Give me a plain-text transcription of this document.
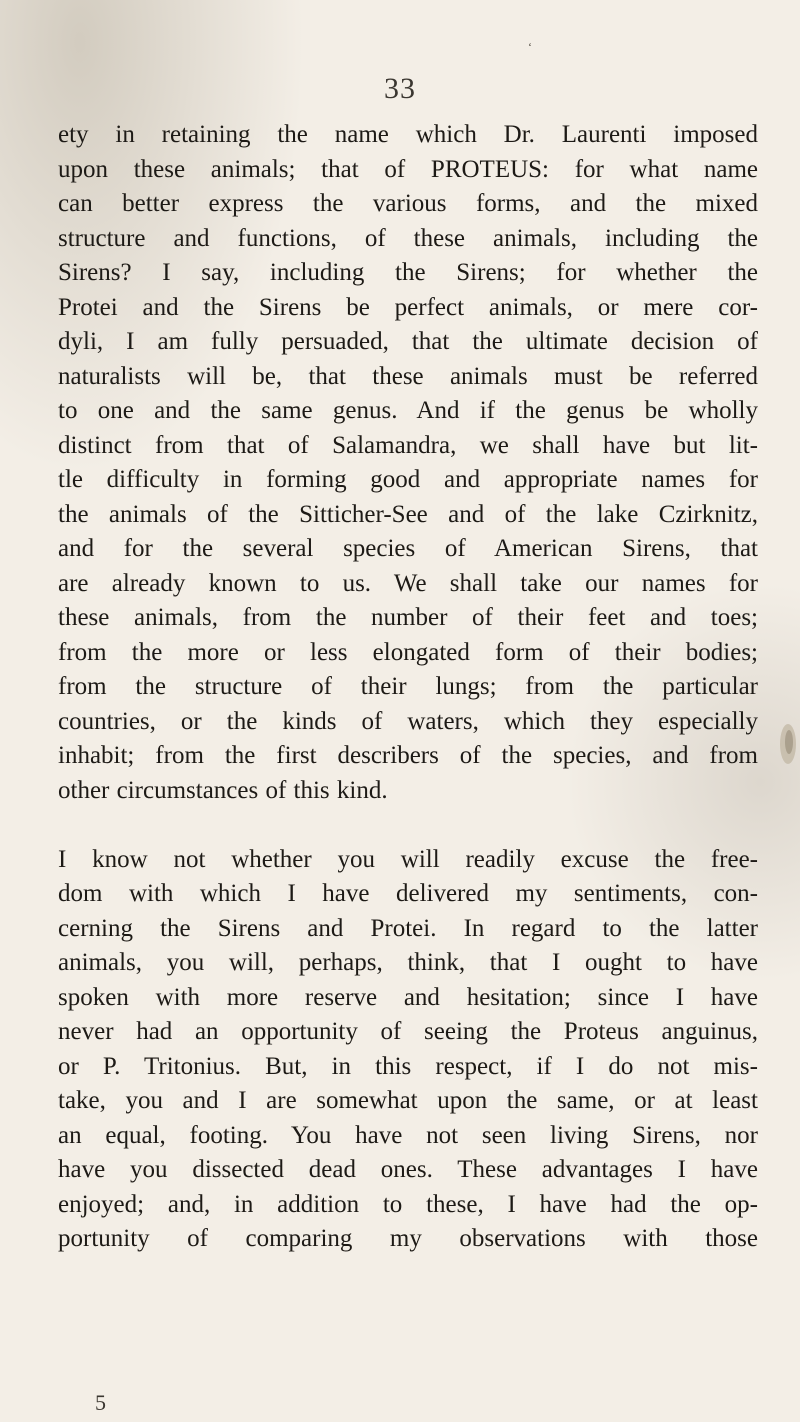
ʻ
33
ety in retaining the name which Dr. Laurenti imposed
upon these animals; that of PROTEUS: for what name
can better express the various forms, and the mixed
structure and functions, of these animals, including the
Sirens? I say, including the Sirens; for whether the
Protei and the Sirens be perfect animals, or mere cor-
dyli, I am fully persuaded, that the ultimate decision of
naturalists will be, that these animals must be referred
to one and the same genus. And if the genus be wholly
distinct from that of Salamandra, we shall have but lit-
tle difficulty in forming good and appropriate names for
the animals of the Sitticher-See and of the lake Czirknitz,
and for the several species of American Sirens, that
are already known to us. We shall take our names for
these animals, from the number of their feet and toes;
from the more or less elongated form of their bodies;
from the structure of their lungs; from the particular
countries, or the kinds of waters, which they especially
inhabit; from the first describers of the species, and from
other circumstances of this kind.
I know not whether you will readily excuse the free-
dom with which I have delivered my sentiments, con-
cerning the Sirens and Protei. In regard to the latter
animals, you will, perhaps, think, that I ought to have
spoken with more reserve and hesitation; since I have
never had an opportunity of seeing the Proteus anguinus,
or P. Tritonius. But, in this respect, if I do not mis-
take, you and I are somewhat upon the same, or at least
an equal, footing. You have not seen living Sirens, nor
have you dissected dead ones. These advantages I have
enjoyed; and, in addition to these, I have had the op-
portunity of comparing my observations with those
5
